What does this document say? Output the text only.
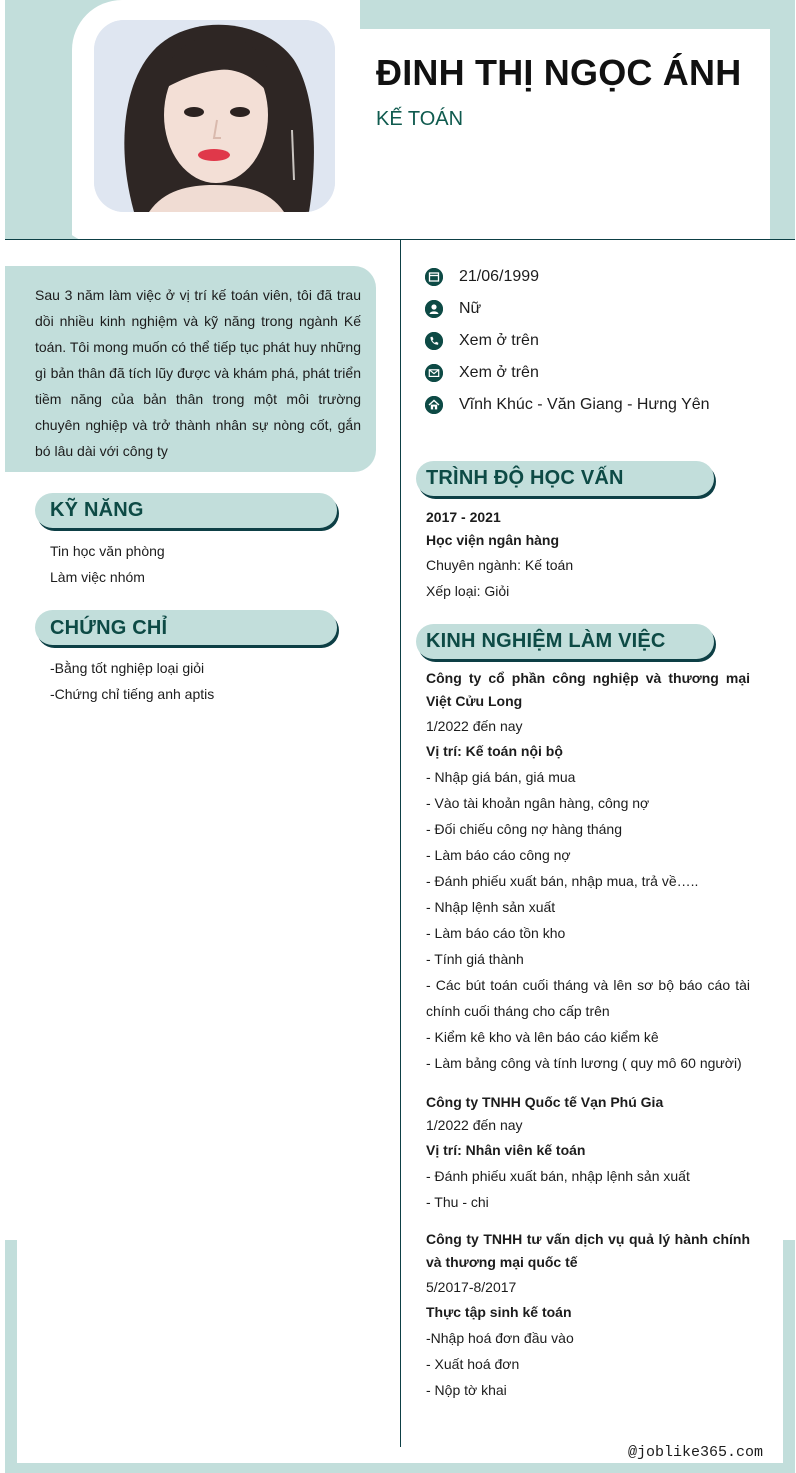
ĐINH THỊ NGỌC ÁNH
KẾ TOÁN
Sau 3 năm làm việc ở vị trí kế toán viên, tôi đã trau dồi nhiều kinh nghiệm và kỹ năng trong ngành Kế toán. Tôi mong muốn có thể tiếp tục phát huy những gì bản thân đã tích lũy được và khám phá, phát triển tiềm năng của bản thân trong một môi trường chuyên nghiệp và trở thành nhân sự nòng cốt, gắn bó lâu dài với công ty
KỸ NĂNG
Tin học văn phòng
Làm việc nhóm
CHỨNG CHỈ
-Bằng tốt nghiệp loại giỏi
-Chứng chỉ tiếng anh aptis
21/06/1999
Nữ
Xem ở trên
Xem ở trên
Vĩnh Khúc - Văn Giang - Hưng Yên
TRÌNH ĐỘ HỌC VẤN
2017 - 2021
Học viện ngân hàng
Chuyên ngành: Kế toán
Xếp loại: Giỏi
KINH NGHIỆM LÀM VIỆC
Công ty cổ phần công nghiệp và thương mại Việt Cửu Long
1/2022 đến nay
Vị trí: Kế toán nội bộ
- Nhập giá bán, giá mua
- Vào tài khoản ngân hàng, công nợ
- Đối chiếu công nợ hàng tháng
- Làm báo cáo công nợ
- Đánh phiếu xuất bán, nhập mua, trả về…..
- Nhập lệnh sản xuất
- Làm báo cáo tồn kho
- Tính giá thành
- Các bút toán cuối tháng và lên sơ bộ báo cáo tài chính cuối tháng cho cấp trên
- Kiểm kê kho và lên báo cáo kiểm kê
- Làm bảng công và tính lương ( quy mô 60 người)
Công ty TNHH Quốc tế Vạn Phú Gia
1/2022 đến nay
Vị trí: Nhân viên kế toán
- Đánh phiếu xuất bán, nhập lệnh sản xuất
- Thu - chi
Công ty TNHH tư vấn dịch vụ quả lý hành chính và thương mại quốc tế
5/2017-8/2017
Thực tập sinh kế toán
-Nhập hoá đơn đầu vào
- Xuất hoá đơn
- Nộp tờ khai
@joblike365.com
